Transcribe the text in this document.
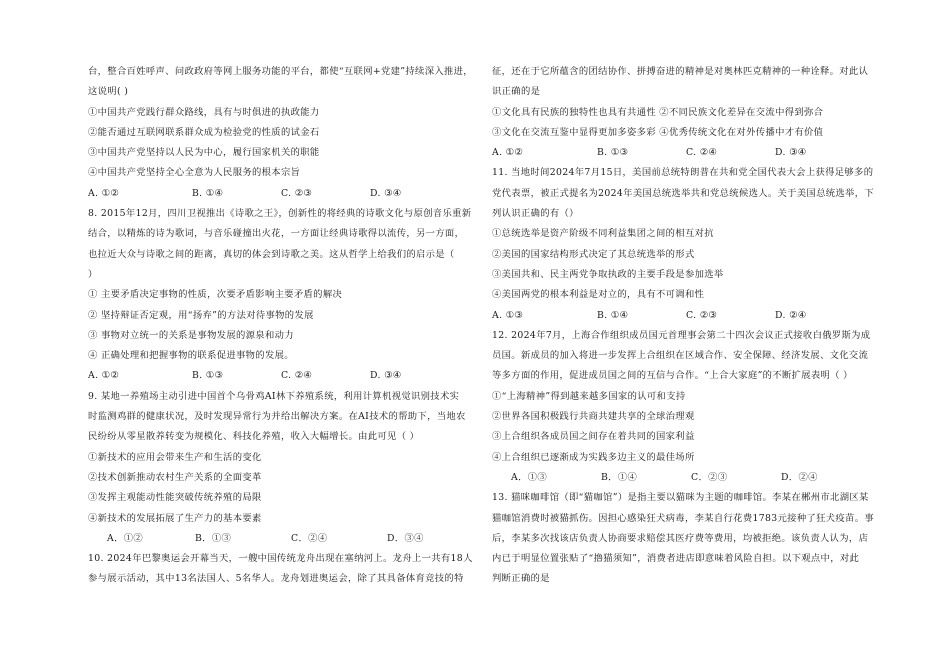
台，整合百姓呼声、问政政府等网上服务功能的平台，都使“互联网+党建”持续深入推进，
这说明( )
①中国共产党践行群众路线，具有与时俱进的执政能力
②能否通过互联网联系群众成为检验党的性质的试金石
③中国共产党坚持以人民为中心，履行国家机关的职能
④中国共产党坚持全心全意为人民服务的根本宗旨
A. ①②	B. ①④	C. ②③	D. ③④
8. 2015年12月，四川卫视推出《诗歌之王》，创新性的将经典的诗歌文化与原创音乐重新
结合，以精炼的诗为歌词，与音乐碰撞出火花，一方面让经典诗歌得以流传，另一方面，
也拉近大众与诗歌之间的距离，真切的体会到诗歌之美。这从哲学上给我们的启示是（
）
① 主要矛盾决定事物的性质，次要矛盾影响主要矛盾的解决
② 坚持辩证否定观，用“扬弃”的方法对待事物的发展
③ 事物对立统一的关系是事物发展的源泉和动力
④ 正确处理和把握事物的联系促进事物的发展。
A. ①②	B. ①③	C. ②④	D. ③④
9. 某地一养殖场主动引进中国首个乌骨鸡AI林下养殖系统，利用计算机视觉识别技术实
时监测鸡群的健康状况，及时发现异常行为并给出解决方案。在AI技术的帮助下，当地农
民纷纷从零星散养转变为规模化、科技化养殖，收入大幅增长。由此可见（ ）
①新技术的应用会带来生产和生活的变化
②技术创新推动农村生产关系的全面变革
③发挥主观能动性能突破传统养殖的局限
④新技术的发展拓展了生产力的基本要素
A．①②	B．①③	C．②④	D．③④
10. 2024年巴黎奥运会开幕当天，一艘中国传统龙舟出现在塞纳河上。龙舟上一共有18人
参与展示活动，其中13名法国人、5名华人。龙舟划进奥运会，除了其具备体育竞技的特
征，还在于它所蕴含的团结协作、拼搏奋进的精神是对奥林匹克精神的一种诠释。对此认
识正确的是
①文化具有民族的独特性也具有共通性 ②不同民族文化差异在交流中得到弥合
③文化在交流互鉴中显得更加多姿多彩 ④优秀传统文化在对外传播中才有价值
A. ①②	B. ①③	C. ②④	D. ③④
11. 当地时间2024年7月15日，美国前总统特朗普在共和党全国代表大会上获得足够多的
党代表票，被正式提名为2024年美国总统选举共和党总统候选人。关于美国总统选举，下
列认识正确的有（）
①总统选举是资产阶级不同利益集团之间的相互对抗
②美国的国家结构形式决定了其总统选举的形式
③美国共和、民主两党争取执政的主要手段是参加选举
④美国两党的根本利益是对立的，具有不可调和性
A. ①③	B. ①④	C. ②③	D. ②④
12. 2024年7月，上海合作组织成员国元首理事会第二十四次会议正式接收白俄罗斯为成
员国。新成员的加入将进一步发挥上合组织在区域合作、安全保障、经济发展、文化交流
等多方面的作用，促进成员国之间的互信与合作。“上合大家庭”的不断扩展表明（ ）
①“上海精神”得到越来越多国家的认可和支持
②世界各国积极践行共商共建共享的全球治理观
③上合组织各成员国之间存在着共同的国家利益
④上合组织已逐渐成为实践多边主义的最佳场所
A．①③	B．①④	C．②③	D．②④
13. 猫咪咖啡馆（即“猫咖馆”）是指主要以猫咪为主题的咖啡馆。李某在郴州市北湖区某
猫咖馆消费时被猫抓伤。因担心感染狂犬病毒，李某自行花费1783元接种了狂犬疫苗。事
后，李某多次找该店负责人协商要求赔偿其医疗费等费用，均被拒绝。该负责人认为，店
内已于明显位置张贴了“撸猫须知”，消费者进店即意味着风险自担。以下观点中，对此
判断正确的是
